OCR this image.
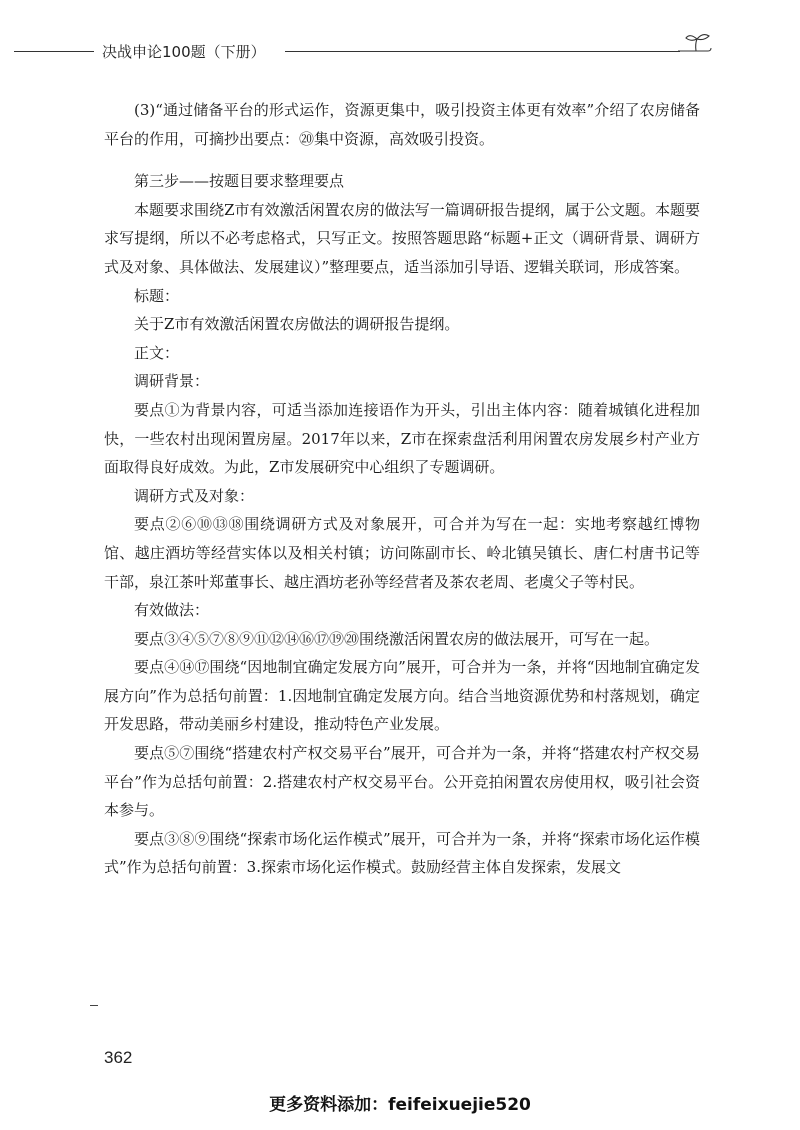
决战申论100题（下册）

(3)“通过储备平台的形式运作，资源更集中，吸引投资主体更有效率”介绍了农房储备平台的作用，可摘抄出要点：⑳集中资源，高效吸引投资。

第三步——按题目要求整理要点

本题要求围绕Z市有效激活闲置农房的做法写一篇调研报告提纲，属于公文题。本题要求写提纲，所以不必考虑格式，只写正文。按照答题思路“标题+正文（调研背景、调研方式及对象、具体做法、发展建议）”整理要点，适当添加引导语、逻辑关联词，形成答案。

标题：

关于Z市有效激活闲置农房做法的调研报告提纲。

正文：

调研背景：

要点①为背景内容，可适当添加连接语作为开头，引出主体内容：随着城镇化进程加快，一些农村出现闲置房屋。2017年以来，Z市在探索盘活利用闲置农房发展乡村产业方面取得良好成效。为此，Z市发展研究中心组织了专题调研。

调研方式及对象：

要点②⑥⑩⑬⑱围绕调研方式及对象展开，可合并为写在一起：实地考察越红博物馆、越庄酒坊等经营实体以及相关村镇；访问陈副市长、岭北镇吴镇长、唐仁村唐书记等干部，泉江茶叶郑董事长、越庄酒坊老孙等经营者及茶农老周、老虞父子等村民。

有效做法：

要点③④⑤⑦⑧⑨⑪⑫⑭⑯⑰⑲⑳围绕激活闲置农房的做法展开，可写在一起。

要点④⑭⑰围绕“因地制宜确定发展方向”展开，可合并为一条，并将“因地制宜确定发展方向”作为总括句前置：1.因地制宜确定发展方向。结合当地资源优势和村落规划，确定开发思路，带动美丽乡村建设，推动特色产业发展。

要点⑤⑦围绕“搭建农村产权交易平台”展开，可合并为一条，并将“搭建农村产权交易平台”作为总括句前置：2.搭建农村产权交易平台。公开竞拍闲置农房使用权，吸引社会资本参与。

要点③⑧⑨围绕“探索市场化运作模式”展开，可合并为一条，并将“探索市场化运作模式”作为总括句前置：3.探索市场化运作模式。鼓励经营主体自发探索，发展文

362
更多资料添加：feifeixuejie520
